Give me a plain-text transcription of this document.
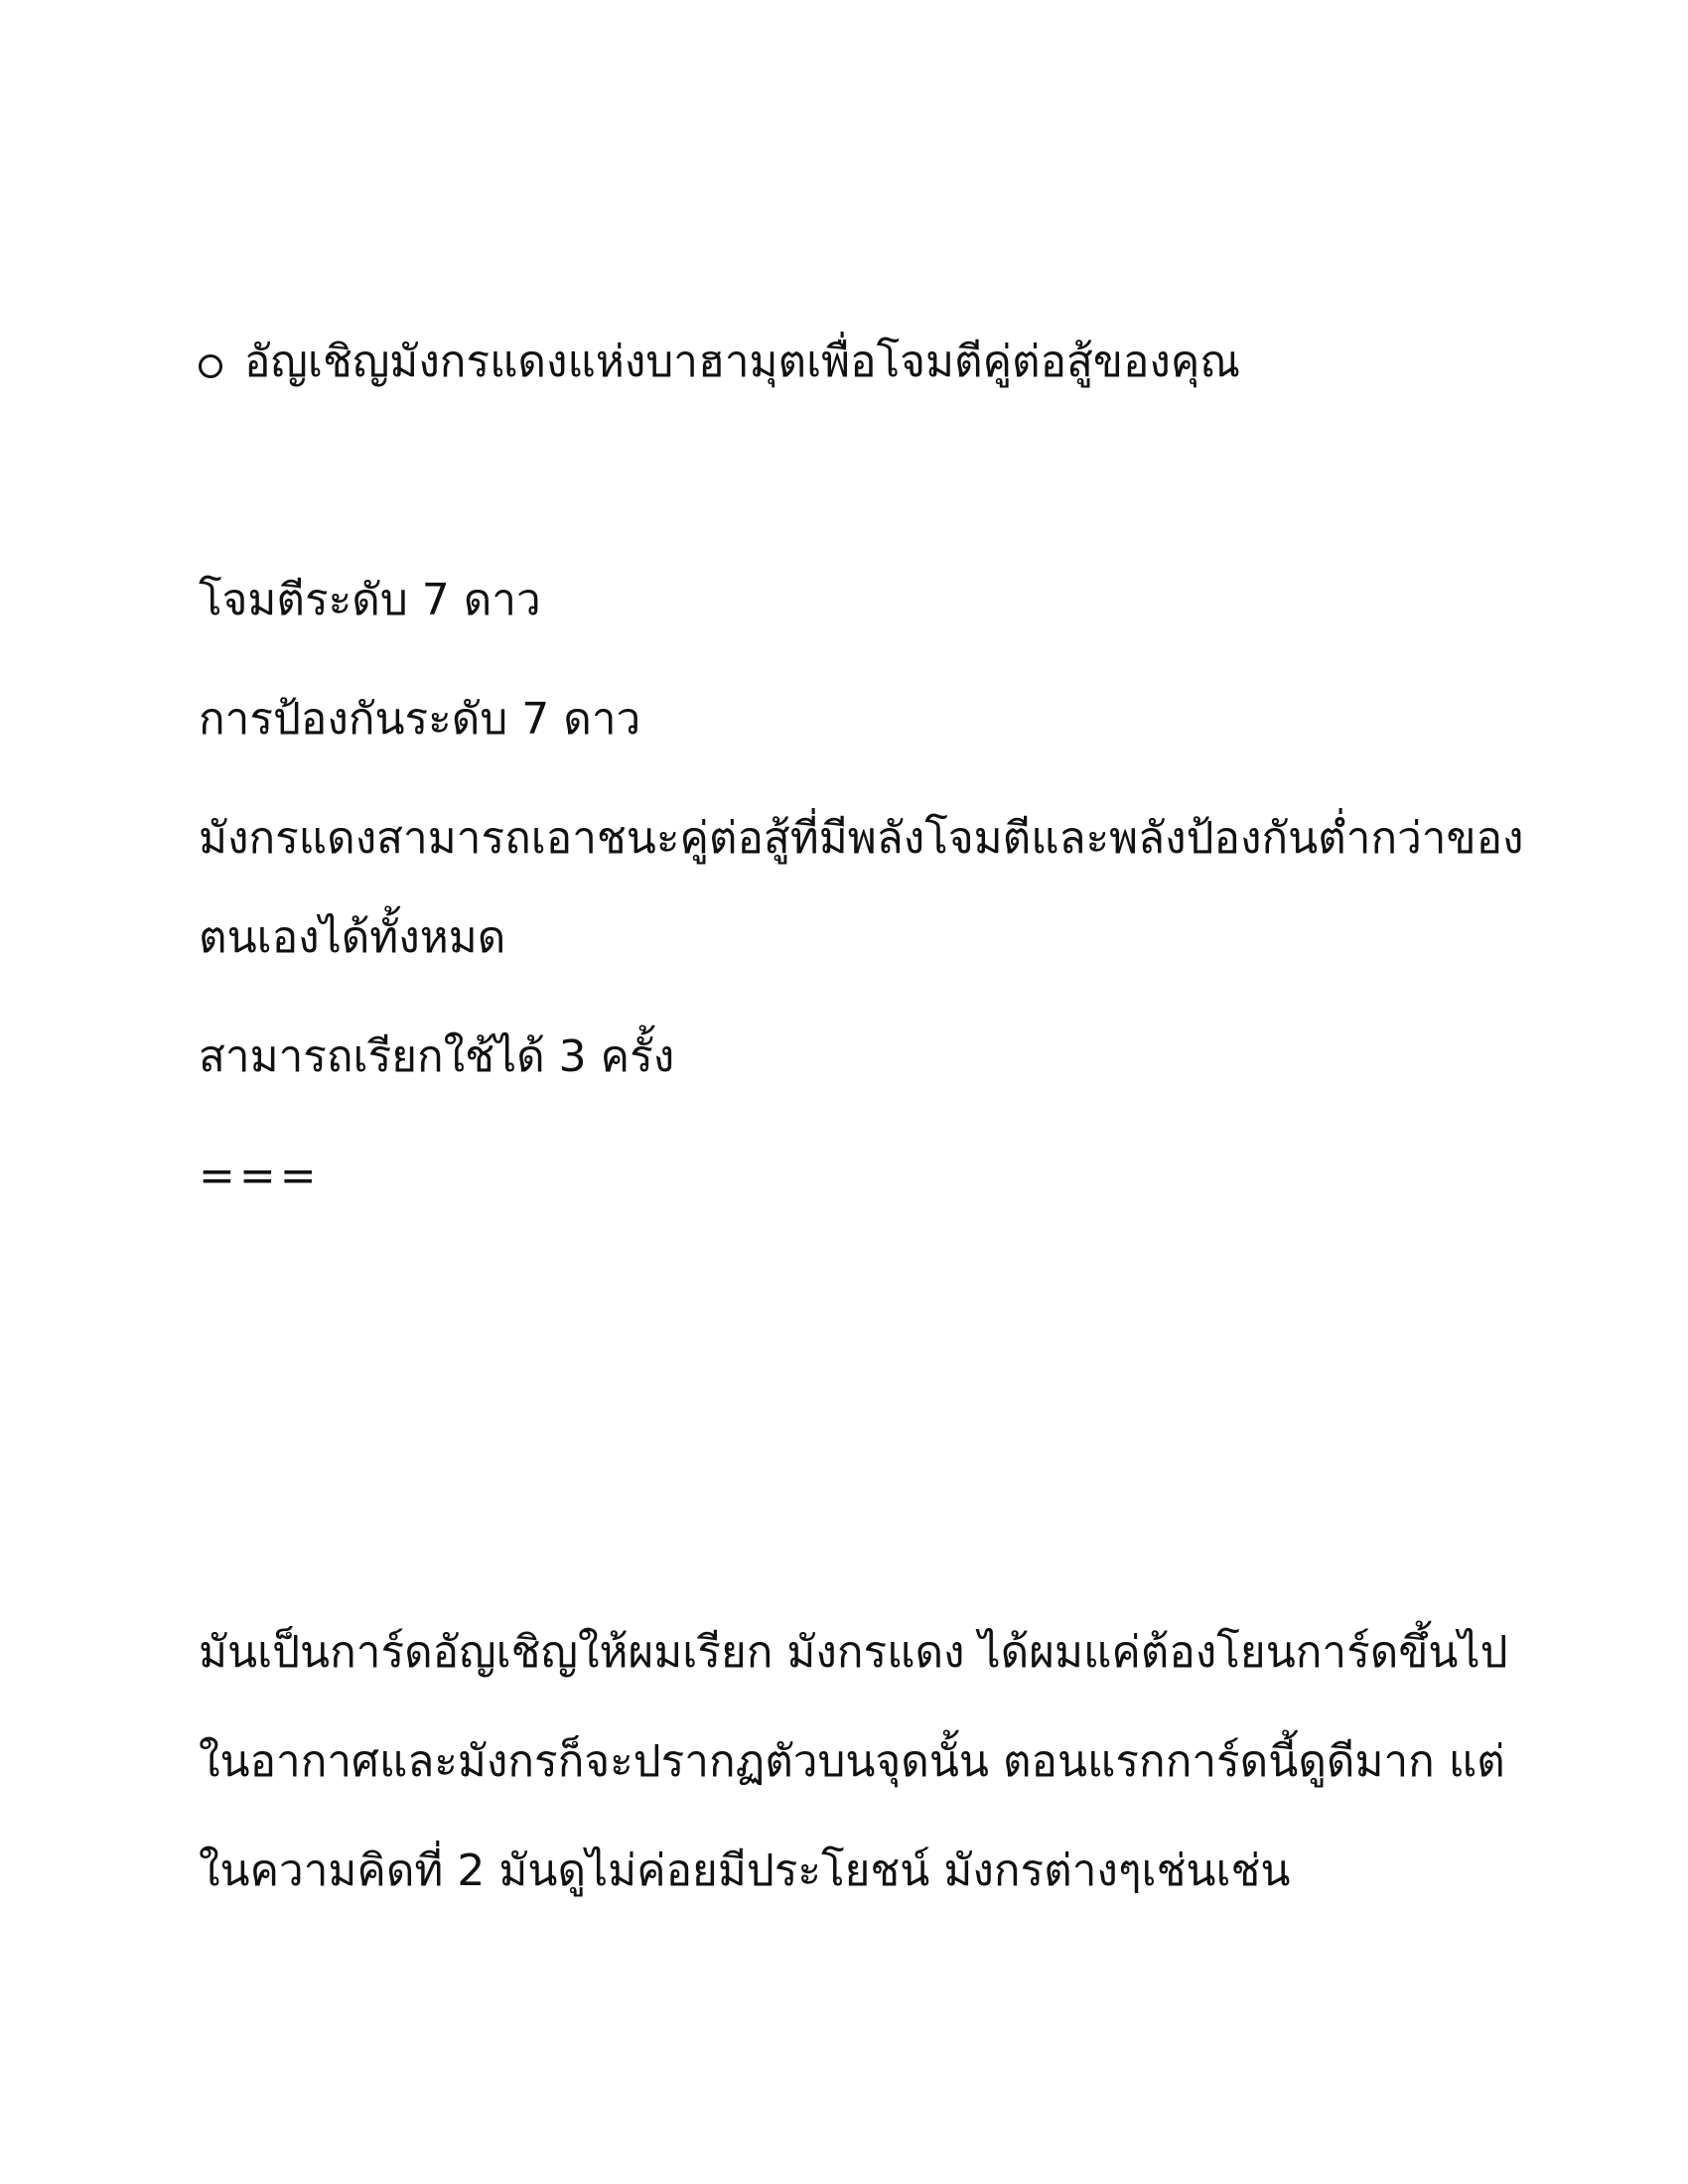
อัญเชิญมังกรแดงแห่งบาฮามุตเพื่อโจมตีคู่ต่อสู้ของคุณ
โจมตีระดับ 7 ดาว
การป้องกันระดับ 7 ดาว
มังกรแดงสามารถเอาชนะคู่ต่อสู้ที่มีพลังโจมตีและพลังป้องกันต่ำกว่าของ
ตนเองได้ทั้งหมด
สามารถเรียกใช้ได้ 3 ครั้ง
===
มันเป็นการ์ดอัญเชิญให้ผมเรียก มังกรแดง ได้ผมแค่ต้องโยนการ์ดขึ้นไป
ในอากาศและมังกรก็จะปรากฏตัวบนจุดนั้น ตอนแรกการ์ดนี้ดูดีมาก แต่
ในความคิดที่ 2 มันดูไม่ค่อยมีประโยชน์ มังกรต่างๆเช่นเช่น
